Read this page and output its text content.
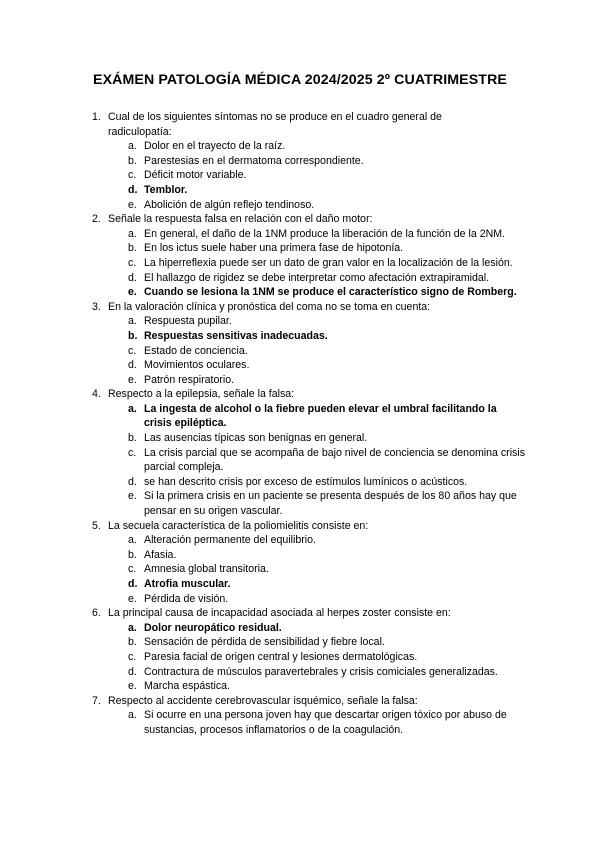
EXÁMEN PATOLOGÍA MÉDICA 2024/2025 2º CUATRIMESTRE
1. Cual de los siguientes síntomas no se produce en el cuadro general de radiculopatía:
a. Dolor en el trayecto de la raíz.
b. Parestesias en el dermatoma correspondiente.
c. Déficit motor variable.
d. Temblor.
e. Abolición de algún reflejo tendinoso.
2. Señale la respuesta falsa en relación con el daño motor:
a. En general, el daño de la 1NM produce la liberación de la función de la 2NM.
b. En los ictus suele haber una primera fase de hipotonía.
c. La hiperreflexia puede ser un dato de gran valor en la localización de la lesión.
d. El hallazgo de rigidez se debe interpretar como afectación extrapiramidal.
e. Cuando se lesiona la 1NM se produce el característico signo de Romberg.
3. En la valoración clínica y pronóstica del coma no se toma en cuenta:
a. Respuesta pupilar.
b. Respuestas sensitivas inadecuadas.
c. Estado de conciencia.
d. Movimientos oculares.
e. Patrón respiratorio.
4. Respecto a la epilepsia, señale la falsa:
a. La ingesta de alcohol o la fiebre pueden elevar el umbral facilitando la crisis epiléptica.
b. Las ausencias típicas son benignas en general.
c. La crisis parcial que se acompaña de bajo nivel de conciencia se denomina crisis parcial compleja.
d. se han descrito crisis por exceso de estímulos lumínicos o acústicos.
e. Si la primera crisis en un paciente se presenta después de los 80 años hay que pensar en su origen vascular.
5. La secuela característica de la poliomielitis consiste en:
a. Alteración permanente del equilibrio.
b. Afasia.
c. Amnesia global transitoria.
d. Atrofia muscular.
e. Pérdida de visión.
6. La principal causa de incapacidad asociada al herpes zoster consiste en:
a. Dolor neuropático residual.
b. Sensación de pérdida de sensibilidad y fiebre local.
c. Paresia facial de origen central y lesiones dermatológicas.
d. Contractura de músculos paravertebrales y crisis comiciales generalizadas.
e. Marcha espástica.
7. Respecto al accidente cerebrovascular isquémico, señale la falsa:
a. Si ocurre en una persona joven hay que descartar origen tóxico por abuso de sustancias, procesos inflamatorios o de la coagulación.
